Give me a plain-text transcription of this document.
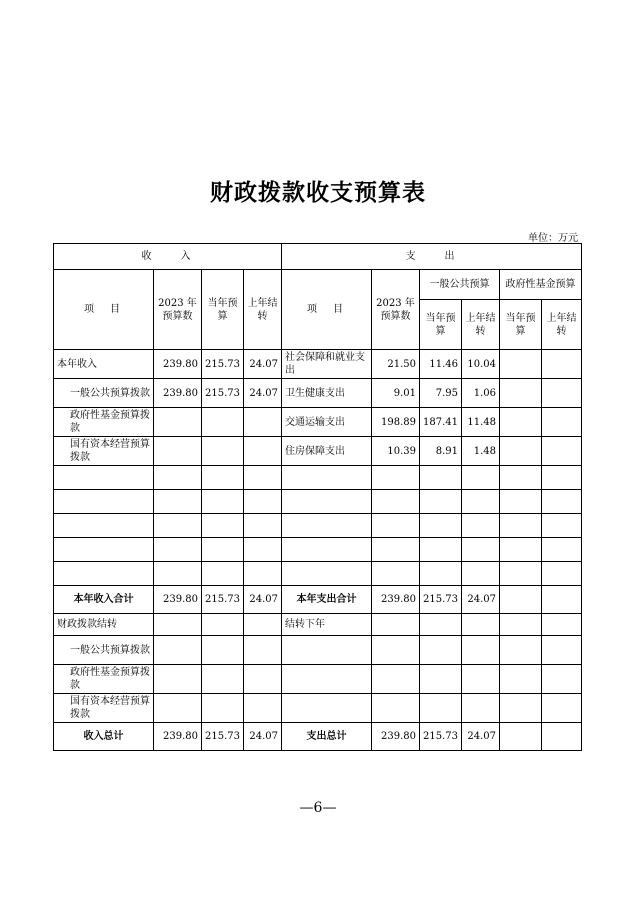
财政拨款收支预算表
单位：万元
收　　入				支　　出					
项　目	2023 年预算数	当年预算	上年结转	项　目	2023 年预算数	一般公共预算		政府性基金预算	
						当年预算	上年结转	当年预算	上年结转
本年收入	239.80	215.73	24.07	社会保障和就业支出	21.50	11.46	10.04		
一般公共预算拨款	239.80	215.73	24.07	卫生健康支出	9.01	7.95	1.06		
政府性基金预算拨款				交通运输支出	198.89	187.41	11.48		
国有资本经营预算拨款				住房保障支出	10.39	8.91	1.48		

本年收入合计	239.80	215.73	24.07	本年支出合计	239.80	215.73	24.07		
财政拨款结转				结转下年					
一般公共预算拨款									
政府性基金预算拨款									
国有资本经营预算拨款									
收入总计	239.80	215.73	24.07	支出总计	239.80	215.73	24.07		
—6—
